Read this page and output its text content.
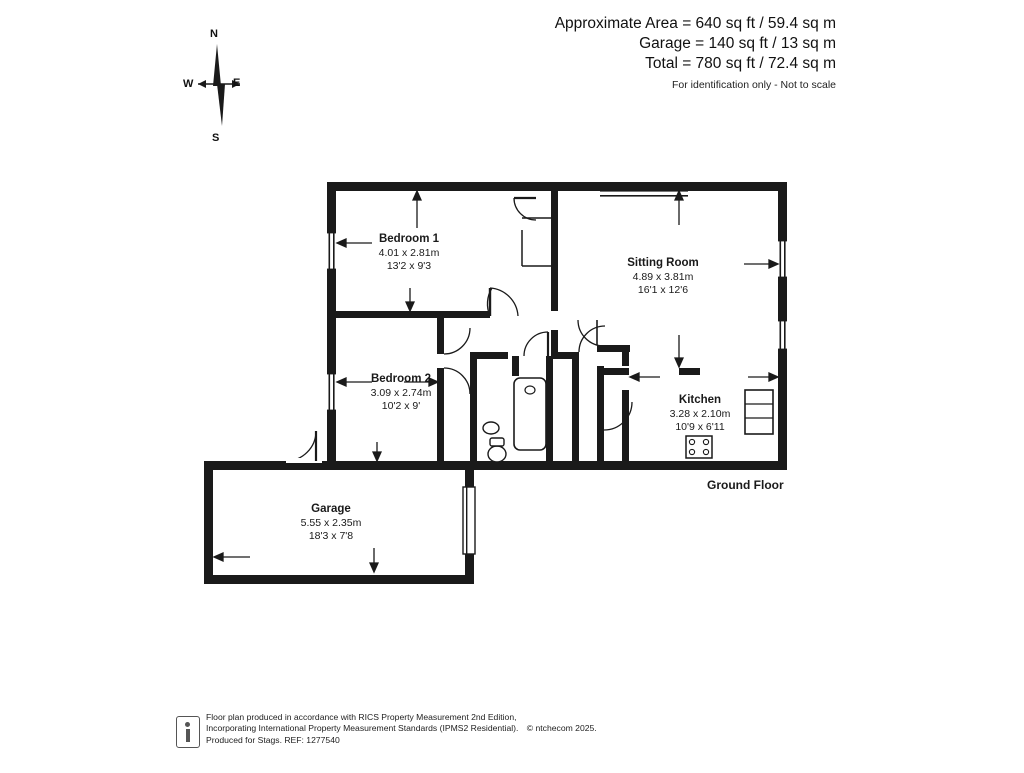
Approximate Area = 640 sq ft / 59.4 sq m
Garage = 140 sq ft / 13 sq m
Total = 780 sq ft / 72.4 sq m
For identification only - Not to scale
N
S
W	E
Bedroom 1
4.01 x 2.81m
13'2 x 9'3	Sitting Room
4.89 x 3.81m
16'1 x 12'6
Bedroom 2
3.09 x 2.74m
10'2 x 9'	Kitchen
3.28 x 2.10m
10'9 x 6'11
Garage
5.55 x 2.35m
18'3 x 7'8
Ground Floor
Floor plan produced in accordance with RICS Property Measurement 2nd Edition,
Incorporating International Property Measurement Standards (IPMS2 Residential). © ntchecom 2025.
Produced for Stags. REF: 1277540
